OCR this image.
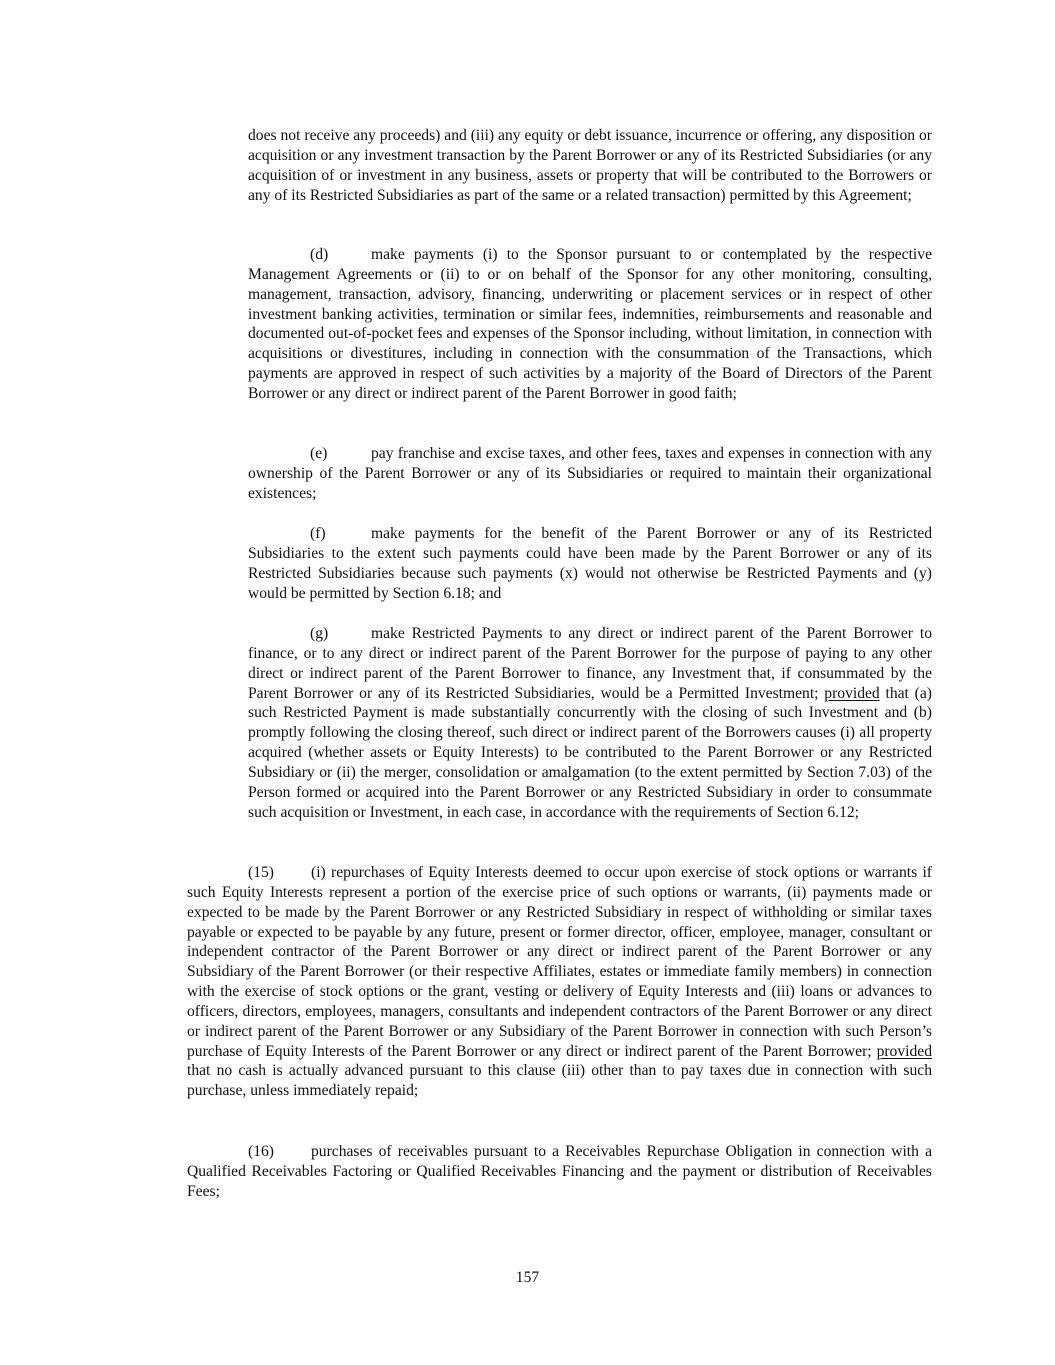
does not receive any proceeds) and (iii) any equity or debt issuance, incurrence or offering, any disposition or acquisition or any investment transaction by the Parent Borrower or any of its Restricted Subsidiaries (or any acquisition of or investment in any business, assets or property that will be contributed to the Borrowers or any of its Restricted Subsidiaries as part of the same or a related transaction) permitted by this Agreement;

(d)	make payments (i) to the Sponsor pursuant to or contemplated by the respective Management Agreements or (ii) to or on behalf of the Sponsor for any other monitoring, consulting, management, transaction, advisory, financing, underwriting or placement services or in respect of other investment banking activities, termination or similar fees, indemnities, reimbursements and reasonable and documented out-of-pocket fees and expenses of the Sponsor including, without limitation, in connection with acquisitions or divestitures, including in connection with the consummation of the Transactions, which payments are approved in respect of such activities by a majority of the Board of Directors of the Parent Borrower or any direct or indirect parent of the Parent Borrower in good faith;

(e)	pay franchise and excise taxes, and other fees, taxes and expenses in connection with any ownership of the Parent Borrower or any of its Subsidiaries or required to maintain their organizational existences;

(f)	make payments for the benefit of the Parent Borrower or any of its Restricted Subsidiaries to the extent such payments could have been made by the Parent Borrower or any of its Restricted Subsidiaries because such payments (x) would not otherwise be Restricted Payments and (y) would be permitted by Section 6.18; and

(g)	make Restricted Payments to any direct or indirect parent of the Parent Borrower to finance, or to any direct or indirect parent of the Parent Borrower for the purpose of paying to any other direct or indirect parent of the Parent Borrower to finance, any Investment that, if consummated by the Parent Borrower or any of its Restricted Subsidiaries, would be a Permitted Investment; provided that (a) such Restricted Payment is made substantially concurrently with the closing of such Investment and (b) promptly following the closing thereof, such direct or indirect parent of the Borrowers causes (i) all property acquired (whether assets or Equity Interests) to be contributed to the Parent Borrower or any Restricted Subsidiary or (ii) the merger, consolidation or amalgamation (to the extent permitted by Section 7.03) of the Person formed or acquired into the Parent Borrower or any Restricted Subsidiary in order to consummate such acquisition or Investment, in each case, in accordance with the requirements of Section 6.12;

(15) (i) repurchases of Equity Interests deemed to occur upon exercise of stock options or warrants if such Equity Interests represent a portion of the exercise price of such options or warrants, (ii) payments made or expected to be made by the Parent Borrower or any Restricted Subsidiary in respect of withholding or similar taxes payable or expected to be payable by any future, present or former director, officer, employee, manager, consultant or independent contractor of the Parent Borrower or any direct or indirect parent of the Parent Borrower or any Subsidiary of the Parent Borrower (or their respective Affiliates, estates or immediate family members) in connection with the exercise of stock options or the grant, vesting or delivery of Equity Interests and (iii) loans or advances to officers, directors, employees, managers, consultants and independent contractors of the Parent Borrower or any direct or indirect parent of the Parent Borrower or any Subsidiary of the Parent Borrower in connection with such Person’s purchase of Equity Interests of the Parent Borrower or any direct or indirect parent of the Parent Borrower; provided that no cash is actually advanced pursuant to this clause (iii) other than to pay taxes due in connection with such purchase, unless immediately repaid;

(16) purchases of receivables pursuant to a Receivables Repurchase Obligation in connection with a Qualified Receivables Factoring or Qualified Receivables Financing and the payment or distribution of Receivables Fees;

157
